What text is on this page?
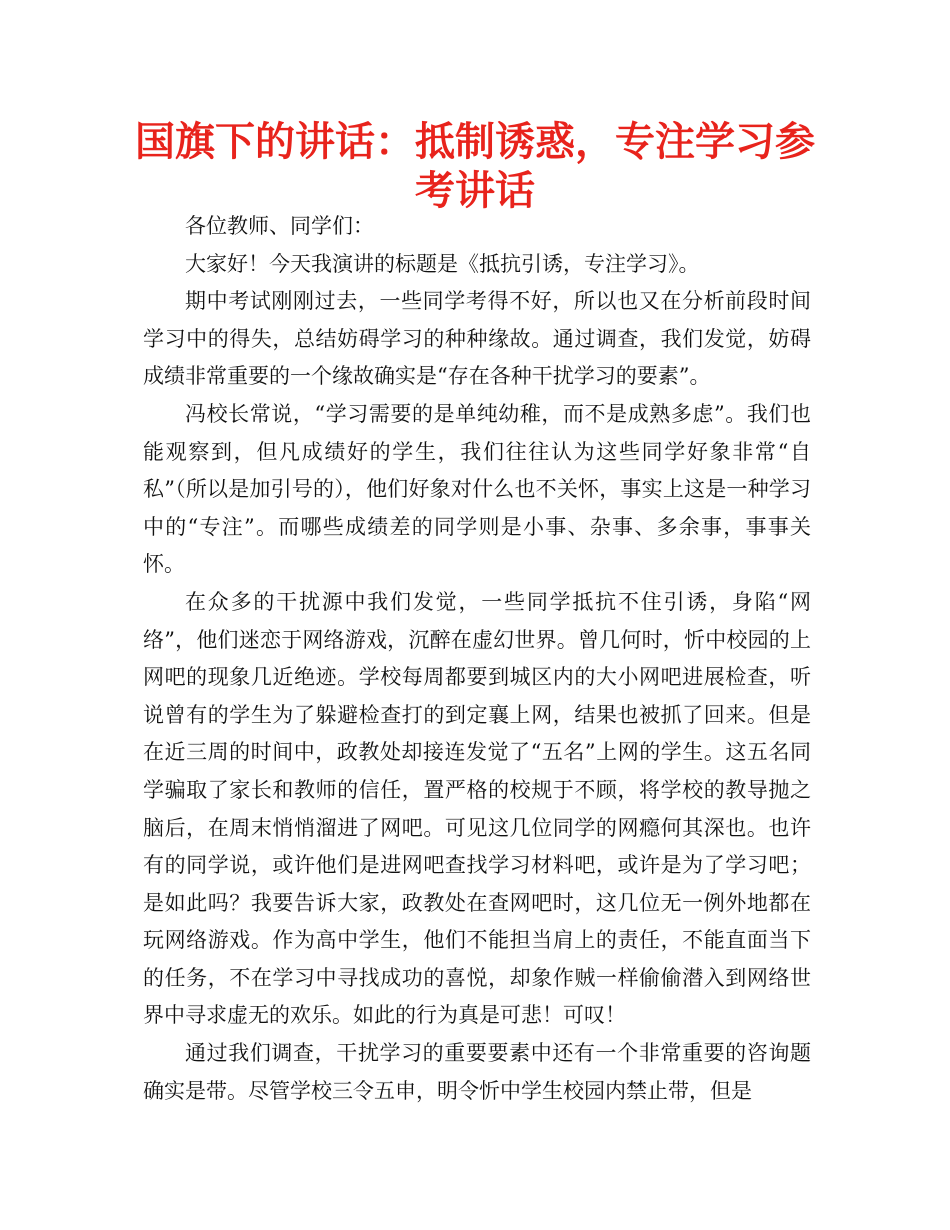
国旗下的讲话：抵制诱惑，专注学习参考讲话

各位教师、同学们：

大家好！今天我演讲的标题是《抵抗引诱，专注学习》。

期中考试刚刚过去，一些同学考得不好，所以也又在分析前段时间学习中的得失，总结妨碍学习的种种缘故。通过调查，我们发觉，妨碍成绩非常重要的一个缘故确实是“存在各种干扰学习的要素”。

冯校长常说，“学习需要的是单纯幼稚，而不是成熟多虑”。我们也能观察到，但凡成绩好的学生，我们往往认为这些同学好象非常“自私”（所以是加引号的），他们好象对什么也不关怀，事实上这是一种学习中的“专注”。而哪些成绩差的同学则是小事、杂事、多余事，事事关怀。

在众多的干扰源中我们发觉，一些同学抵抗不住引诱，身陷“网络”，他们迷恋于网络游戏，沉醉在虚幻世界。曾几何时，忻中校园的上网吧的现象几近绝迹。学校每周都要到城区内的大小网吧进展检查，听说曾有的学生为了躲避检查打的到定襄上网，结果也被抓了回来。但是在近三周的时间中，政教处却接连发觉了“五名”上网的学生。这五名同学骗取了家长和教师的信任，置严格的校规于不顾，将学校的教导抛之脑后，在周末悄悄溜进了网吧。可见这几位同学的网瘾何其深也。也许有的同学说，或许他们是进网吧查找学习材料吧，或许是为了学习吧；是如此吗？我要告诉大家，政教处在查网吧时，这几位无一例外地都在玩网络游戏。作为高中学生，他们不能担当肩上的责任，不能直面当下的任务，不在学习中寻找成功的喜悦，却象作贼一样偷偷潜入到网络世界中寻求虚无的欢乐。如此的行为真是可悲！可叹！

通过我们调查，干扰学习的重要要素中还有一个非常重要的咨询题确实是带。尽管学校三令五申，明令忻中学生校园内禁止带，但是
